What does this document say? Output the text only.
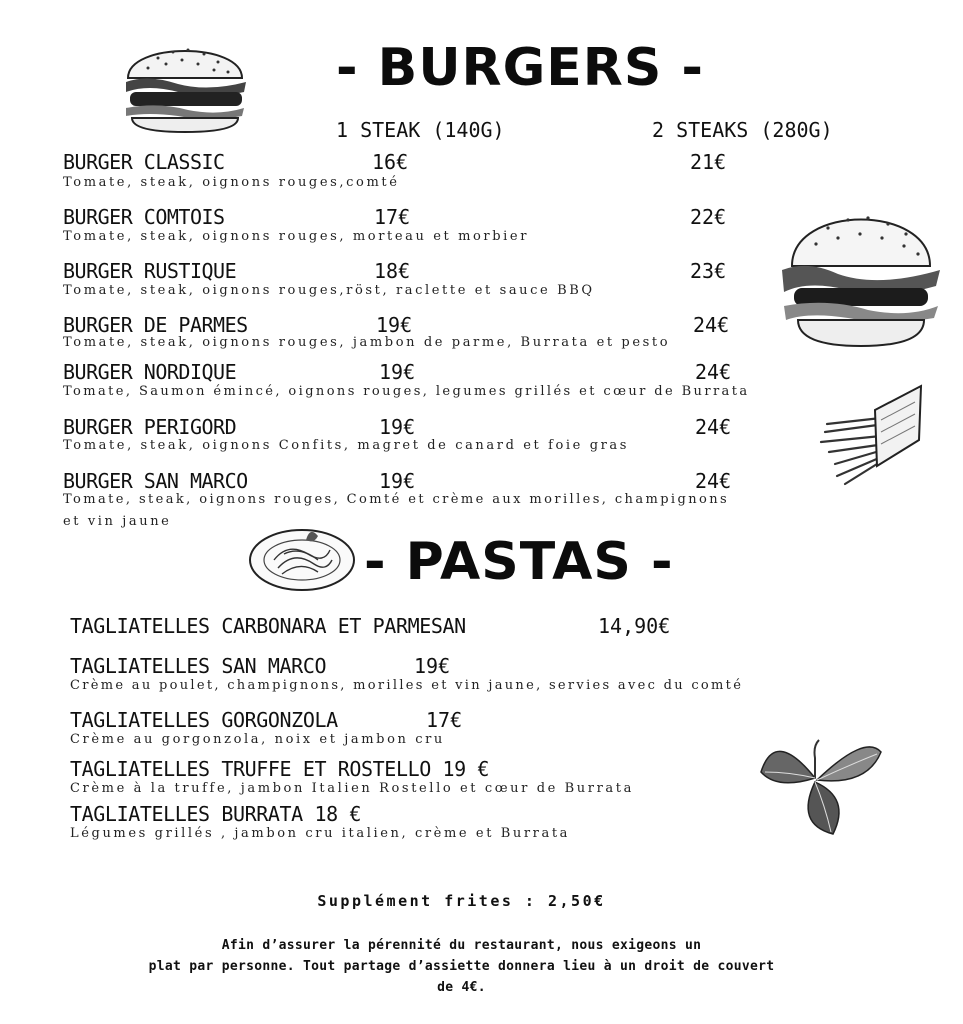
- BURGERS -
1 STEAK (140G)	2 STEAKS (280G)
BURGER CLASSIC	16€	21€
Tomate, steak, oignons rouges,comté
BURGER COMTOIS	17€	22€
Tomate, steak, oignons rouges, morteau et morbier
BURGER RUSTIQUE	18€	23€
Tomate, steak, oignons rouges,röst, raclette et sauce BBQ
BURGER DE PARMES	19€	24€
Tomate, steak, oignons rouges, jambon de parme, Burrata et pesto
BURGER NORDIQUE	19€	24€
Tomate, Saumon émincé, oignons rouges, legumes grillés et cœur de Burrata
BURGER PERIGORD	19€	24€
Tomate, steak, oignons Confits, magret de canard et foie gras
BURGER SAN MARCO	19€	24€
Tomate, steak, oignons rouges, Comté et crème aux morilles, champignons
et vin jaune
- PASTAS -
TAGLIATELLES CARBONARA ET PARMESAN	14,90€
TAGLIATELLES SAN MARCO	19€
Crème au poulet, champignons, morilles et vin jaune, servies avec du comté
TAGLIATELLES GORGONZOLA	17€
Crème au gorgonzola, noix et jambon cru
TAGLIATELLES TRUFFE ET ROSTELLO 19 €
Crème à la truffe, jambon Italien Rostello et cœur de Burrata
TAGLIATELLES BURRATA 18 €
Légumes grillés , jambon cru italien, crème et Burrata
Supplément frites : 2,50€
Afin d’assurer la pérennité du restaurant, nous exigeons un
plat par personne. Tout partage d’assiette donnera lieu à un droit de couvert
de 4€.
